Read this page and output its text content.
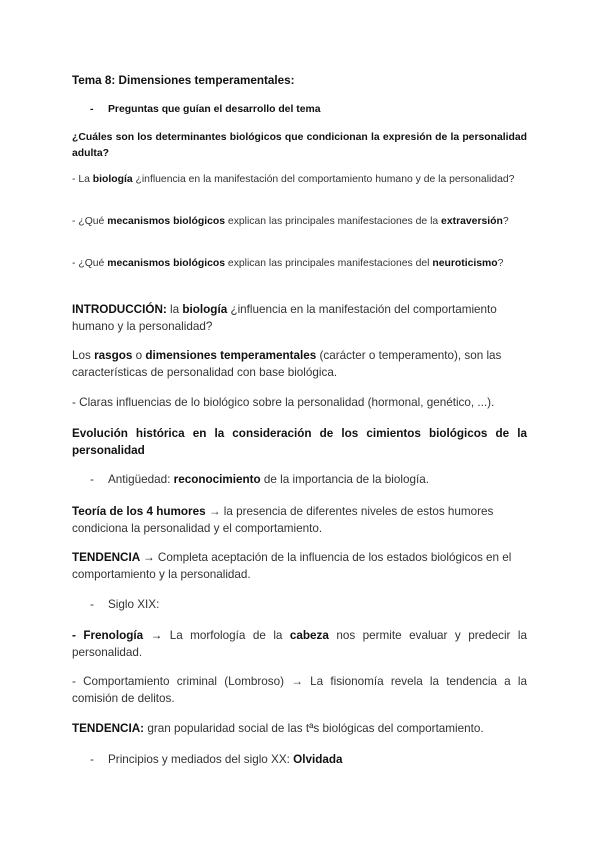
Tema 8: Dimensiones temperamentales:
- Preguntas que guían el desarrollo del tema
¿Cuáles son los determinantes biológicos que condicionan la expresión de la personalidad adulta?
- La biología ¿influencia en la manifestación del comportamiento humano y de la personalidad?
- ¿Qué mecanismos biológicos explican las principales manifestaciones de la extraversión?
- ¿Qué mecanismos biológicos explican las principales manifestaciones del neuroticismo?
INTRODUCCIÓN: la biología ¿influencia en la manifestación del comportamiento humano y la personalidad?
Los rasgos o dimensiones temperamentales (carácter o temperamento), son las características de personalidad con base biológica.
- Claras influencias de lo biológico sobre la personalidad (hormonal, genético, ...).
Evolución histórica en la consideración de los cimientos biológicos de la personalidad
- Antigüedad: reconocimiento de la importancia de la biología.
Teoría de los 4 humores → la presencia de diferentes niveles de estos humores condiciona la personalidad y el comportamiento.
TENDENCIA → Completa aceptación de la influencia de los estados biológicos en el comportamiento y la personalidad.
- Siglo XIX:
- Frenología → La morfología de la cabeza nos permite evaluar y predecir la personalidad.
- Comportamiento criminal (Lombroso) → La fisionomía revela la tendencia a la comisión de delitos.
TENDENCIA: gran popularidad social de las tªs biológicas del comportamiento.
- Principios y mediados del siglo XX: Olvidada
